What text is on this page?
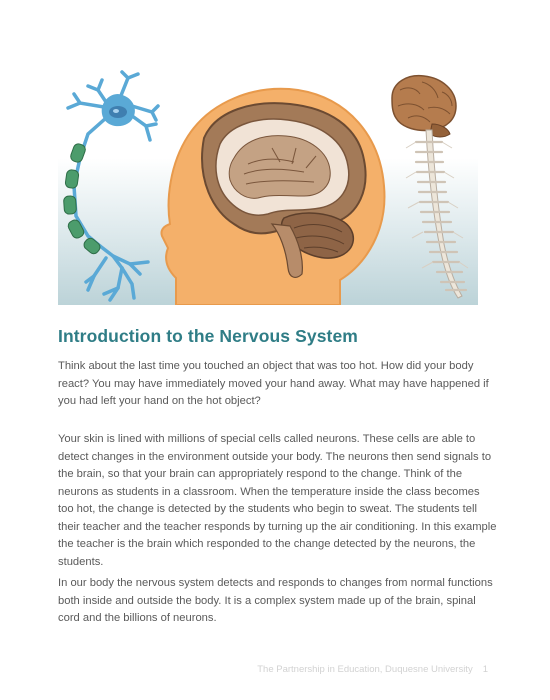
Introduction to the Nervous System

Think about the last time you touched an object that was too hot. How did your body react? You may have immediately moved your hand away. What may have happened if you had left your hand on the hot object?

Your skin is lined with millions of special cells called neurons. These cells are able to detect changes in the environment outside your body. The neurons then send signals to the brain, so that your brain can appropriately respond to the change. Think of the neurons as students in a classroom. When the temperature inside the class becomes too hot, the change is detected by the students who begin to sweat. The students tell their teacher and the teacher responds by turning up the air conditioning. In this example the teacher is the brain which responded to the change detected by the neurons, the students.

In our body the nervous system detects and responds to changes from normal functions both inside and outside the body. It is a complex system made up of the brain, spinal cord and the billions of neurons.

The Partnership in Education, Duquesne University 1
